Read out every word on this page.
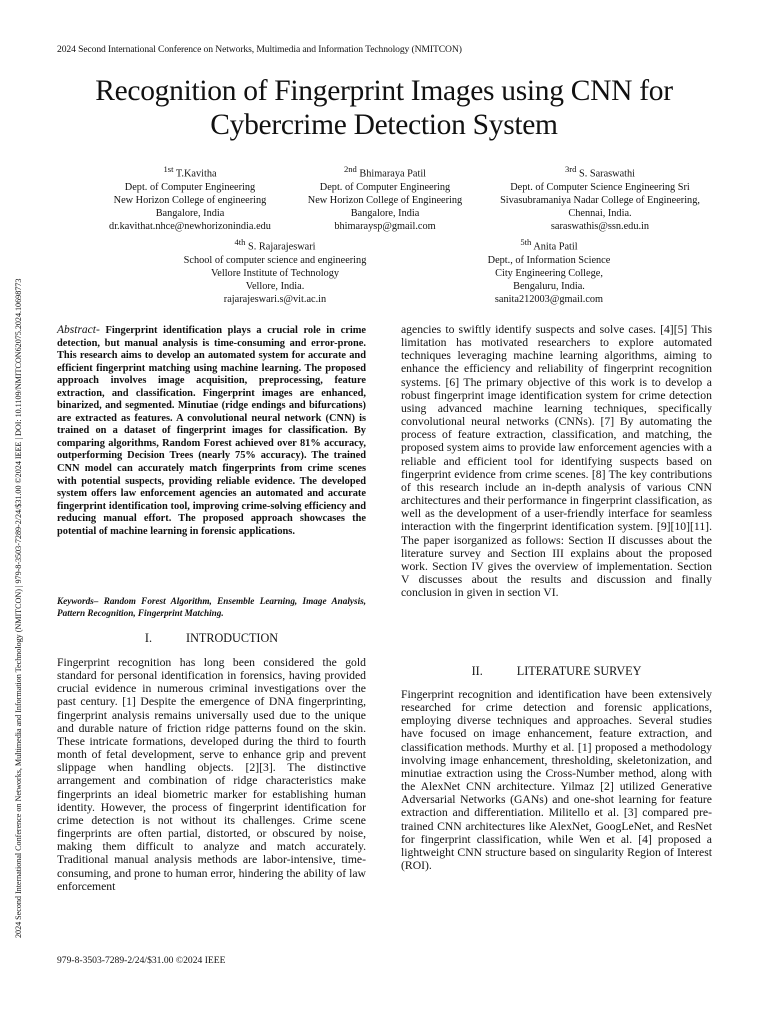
2024 Second International Conference on Networks, Multimedia and Information Technology (NMITCON)
2024 Second International Conference on Networks, Multimedia and Information Technology (NMITCON) | 979-8-3503-7289-2/24/$31.00 ©2024 IEEE | DOI: 10.1109/NMITCON62075.2024.10698773
Recognition of Fingerprint Images using CNN for
Cybercrime Detection System
$^{1st}$ T.Kavitha
Dept. of Computer Engineering
New Horizon College of engineering
Bangalore, India
dr.kavithat.nhce@newhorizonindia.edu
$^{2nd}$ Bhimaraya Patil
Dept. of Computer Engineering
New Horizon College of Engineering
Bangalore, India
bhimaraysp@gmail.com
$^{3rd}$ S. Saraswathi
Dept. of Computer Science Engineering Sri
Sivasubramaniya Nadar College of Engineering,
Chennai, India.
saraswathis@ssn.edu.in
$^{4th}$ S. Rajarajeswari
School of computer science and engineering
Vellore Institute of Technology
Vellore, India.
rajarajeswari.s@vit.ac.in
$^{5th}$ Anita Patil
Dept., of Information Science
City Engineering College,
Bengaluru, India.
sanita212003@gmail.com
Abstract- Fingerprint identification plays a crucial role in crime detection, but manual analysis is time-consuming and error-prone. This research aims to develop an automated system for accurate and efficient fingerprint matching using machine learning. The proposed approach involves image acquisition, preprocessing, feature extraction, and classification. Fingerprint images are enhanced, binarized, and segmented. Minutiae (ridge endings and bifurcations) are extracted as features. A convolutional neural network (CNN) is trained on a dataset of fingerprint images for classification. By comparing algorithms, Random Forest achieved over 81% accuracy, outperforming Decision Trees (nearly 75% accuracy). The trained CNN model can accurately match fingerprints from crime scenes with potential suspects, providing reliable evidence. The developed system offers law enforcement agencies an automated and accurate fingerprint identification tool, improving crime-solving efficiency and reducing manual effort. The proposed approach showcases the potential of machine learning in forensic applications.
Keywords– Random Forest Algorithm, Ensemble Learning, Image Analysis, Pattern Recognition, Fingerprint Matching.
I.	INTRODUCTION
Fingerprint recognition has long been considered the gold standard for personal identification in forensics, having provided crucial evidence in numerous criminal investigations over the past century. [1] Despite the emergence of DNA fingerprinting, fingerprint analysis remains universally used due to the unique and durable nature of friction ridge patterns found on the skin. These intricate formations, developed during the third to fourth month of fetal development, serve to enhance grip and prevent slippage when handling objects. [2][3]. The distinctive arrangement and combination of ridge characteristics make fingerprints an ideal biometric marker for establishing human identity. However, the process of fingerprint identification for crime detection is not without its challenges. Crime scene fingerprints are often partial, distorted, or obscured by noise, making them difficult to analyze and match accurately. Traditional manual analysis methods are labor-intensive, time-consuming, and prone to human error, hindering the ability of law enforcement
agencies to swiftly identify suspects and solve cases. [4][5] This limitation has motivated researchers to explore automated techniques leveraging machine learning algorithms, aiming to enhance the efficiency and reliability of fingerprint recognition systems. [6] The primary objective of this work is to develop a robust fingerprint image identification system for crime detection using advanced machine learning techniques, specifically convolutional neural networks (CNNs). [7] By automating the process of feature extraction, classification, and matching, the proposed system aims to provide law enforcement agencies with a reliable and efficient tool for identifying suspects based on fingerprint evidence from crime scenes. [8] The key contributions of this research include an in-depth analysis of various CNN architectures and their performance in fingerprint classification, as well as the development of a user-friendly interface for seamless interaction with the fingerprint identification system. [9][10][11]. The paper isorganized as follows: Section II discusses about the literature survey and Section III explains about the proposed work. Section IV gives the overview of implementation. Section V discusses about the results and discussion and finally conclusion in given in section VI.
II.	LITERATURE SURVEY
Fingerprint recognition and identification have been extensively researched for crime detection and forensic applications, employing diverse techniques and approaches. Several studies have focused on image enhancement, feature extraction, and classification methods. Murthy et al. [1] proposed a methodology involving image enhancement, thresholding, skeletonization, and minutiae extraction using the Cross-Number method, along with the AlexNet CNN architecture. Yilmaz [2] utilized Generative Adversarial Networks (GANs) and one-shot learning for feature extraction and differentiation. Militello et al. [3] compared pre-trained CNN architectures like AlexNet, GoogLeNet, and ResNet for fingerprint classification, while Wen et al. [4] proposed a lightweight CNN structure based on singularity Region of Interest (ROI).
979-8-3503-7289-2/24/$31.00 ©2024 IEEE
